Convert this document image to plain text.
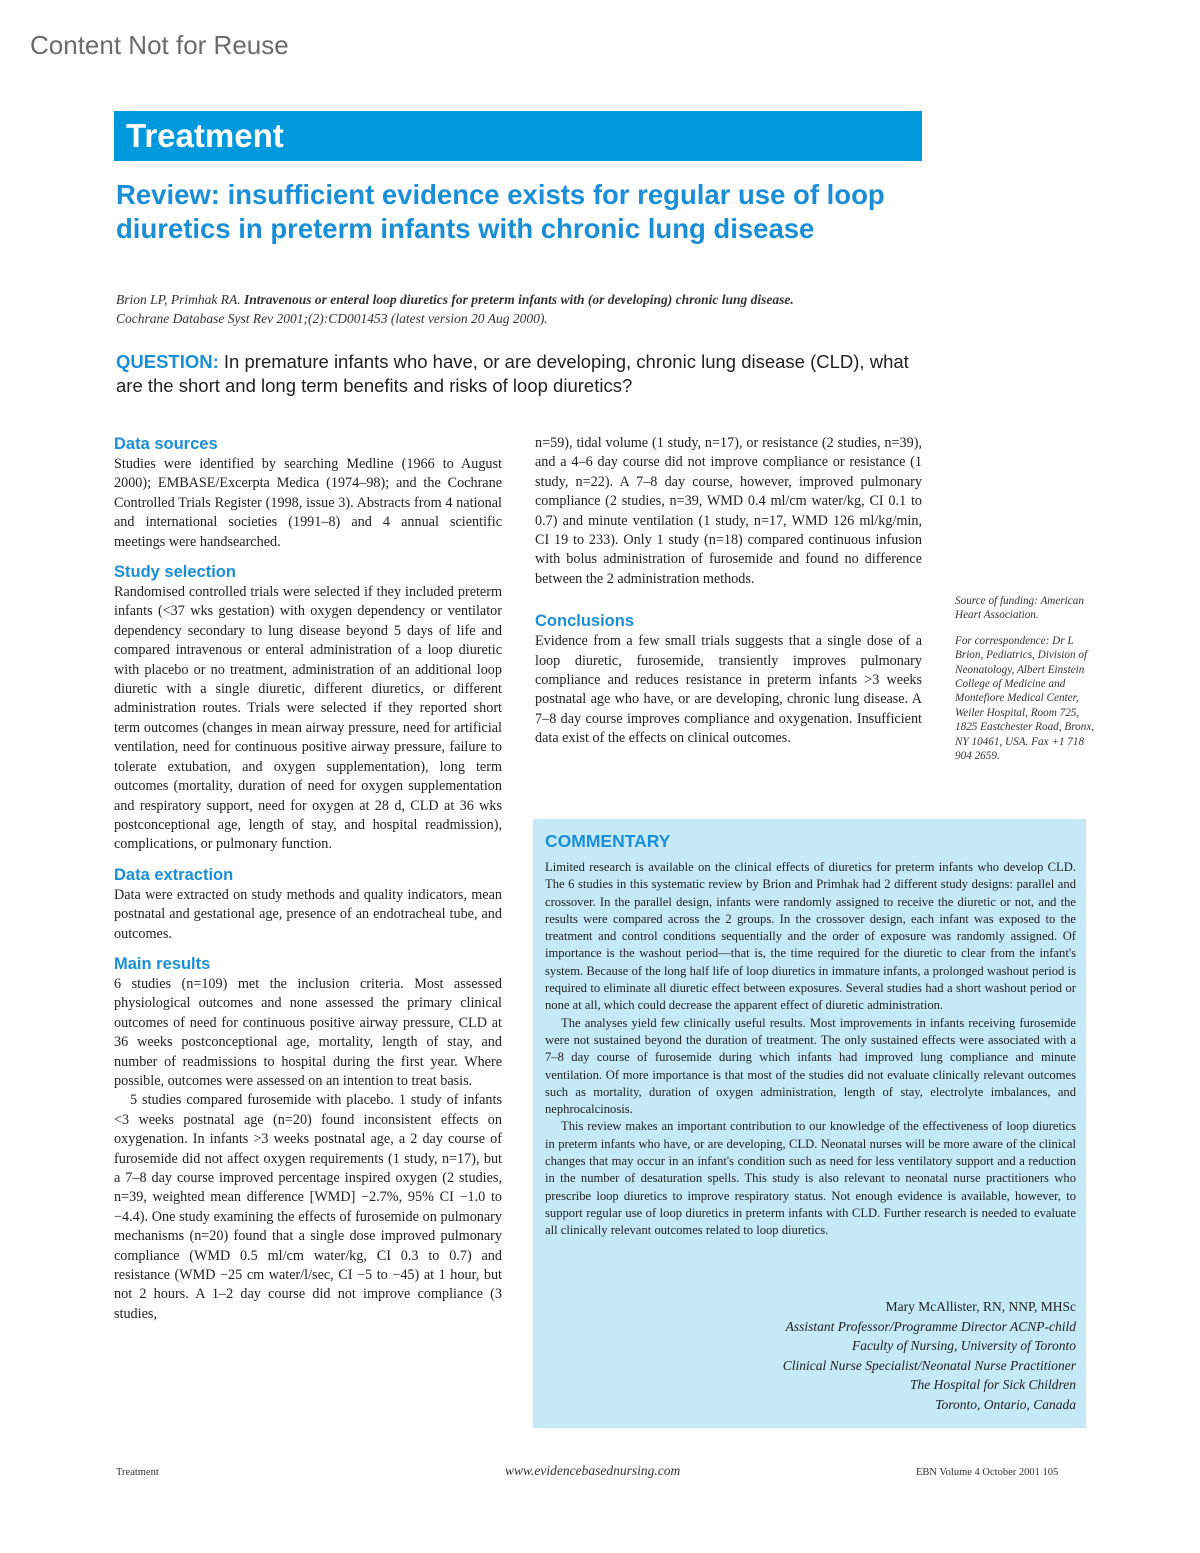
Content Not for Reuse
Treatment
Review: insufficient evidence exists for regular use of loop diuretics in preterm infants with chronic lung disease
Brion LP, Primhak RA. Intravenous or enteral loop diuretics for preterm infants with (or developing) chronic lung disease.
Cochrane Database Syst Rev 2001;(2):CD001453 (latest version 20 Aug 2000).
QUESTION: In premature infants who have, or are developing, chronic lung disease (CLD), what are the short and long term benefits and risks of loop diuretics?
Data sources

Studies were identified by searching Medline (1966 to August 2000); EMBASE/Excerpta Medica (1974–98); and the Cochrane Controlled Trials Register (1998, issue 3). Abstracts from 4 national and international societies (1991–8) and 4 annual scientific meetings were handsearched.

Study selection

Randomised controlled trials were selected if they included preterm infants (<37 wks gestation) with oxygen dependency or ventilator dependency secondary to lung disease beyond 5 days of life and compared intravenous or enteral administration of a loop diuretic with placebo or no treatment, administration of an additional loop diuretic with a single diuretic, different diuretics, or different administration routes. Trials were selected if they reported short term outcomes (changes in mean airway pressure, need for artificial ventilation, need for continuous positive airway pressure, failure to tolerate extubation, and oxygen supplementation), long term outcomes (mortality, duration of need for oxygen supplementation and respiratory support, need for oxygen at 28 d, CLD at 36 wks postconceptional age, length of stay, and hospital readmission), complications, or pulmonary function.

Data extraction

Data were extracted on study methods and quality indicators, mean postnatal and gestational age, presence of an endotracheal tube, and outcomes.

Main results

6 studies (n=109) met the inclusion criteria. Most assessed physiological outcomes and none assessed the primary clinical outcomes of need for continuous positive airway pressure, CLD at 36 weeks postconceptional age, mortality, length of stay, and number of readmissions to hospital during the first year. Where possible, outcomes were assessed on an intention to treat basis.

5 studies compared furosemide with placebo. 1 study of infants <3 weeks postnatal age (n=20) found inconsistent effects on oxygenation. In infants >3 weeks postnatal age, a 2 day course of furosemide did not affect oxygen requirements (1 study, n=17), but a 7–8 day course improved percentage inspired oxygen (2 studies, n=39, weighted mean difference [WMD] −2.7%, 95% CI −1.0 to −4.4). One study examining the effects of furosemide on pulmonary mechanisms (n=20) found that a single dose improved pulmonary compliance (WMD 0.5 ml/cm water/kg, CI 0.3 to 0.7) and resistance (WMD −25 cm water/l/sec, CI −5 to −45) at 1 hour, but not 2 hours. A 1–2 day course did not improve compliance (3 studies,

n=59), tidal volume (1 study, n=17), or resistance (2 studies, n=39), and a 4–6 day course did not improve compliance or resistance (1 study, n=22). A 7–8 day course, however, improved pulmonary compliance (2 studies, n=39, WMD 0.4 ml/cm water/kg, CI 0.1 to 0.7) and minute ventilation (1 study, n=17, WMD 126 ml/kg/min, CI 19 to 233). Only 1 study (n=18) compared continuous infusion with bolus administration of furosemide and found no difference between the 2 administration methods.

Conclusions

Evidence from a few small trials suggests that a single dose of a loop diuretic, furosemide, transiently improves pulmonary compliance and reduces resistance in preterm infants >3 weeks postnatal age who have, or are developing, chronic lung disease. A 7–8 day course improves compliance and oxygenation. Insufficient data exist of the effects on clinical outcomes.

Source of funding: American Heart Association.

For correspondence: Dr L Brion, Pediatrics, Division of Neonatology, Albert Einstein College of Medicine and Montefiore Medical Center, Weiler Hospital, Room 725, 1825 Eastchester Road, Bronx, NY 10461, USA. Fax +1 718 904 2659.

COMMENTARY

Limited research is available on the clinical effects of diuretics for preterm infants who develop CLD. The 6 studies in this systematic review by Brion and Primhak had 2 different study designs: parallel and crossover. In the parallel design, infants were randomly assigned to receive the diuretic or not, and the results were compared across the 2 groups. In the crossover design, each infant was exposed to the treatment and control conditions sequentially and the order of exposure was randomly assigned. Of importance is the washout period—that is, the time required for the diuretic to clear from the infant's system. Because of the long half life of loop diuretics in immature infants, a prolonged washout period is required to eliminate all diuretic effect between exposures. Several studies had a short washout period or none at all, which could decrease the apparent effect of diuretic administration.

The analyses yield few clinically useful results. Most improvements in infants receiving furosemide were not sustained beyond the duration of treatment. The only sustained effects were associated with a 7–8 day course of furosemide during which infants had improved lung compliance and minute ventilation. Of more importance is that most of the studies did not evaluate clinically relevant outcomes such as mortality, duration of oxygen administration, length of stay, electrolyte imbalances, and nephrocalcinosis.

This review makes an important contribution to our knowledge of the effectiveness of loop diuretics in preterm infants who have, or are developing, CLD. Neonatal nurses will be more aware of the clinical changes that may occur in an infant's condition such as need for less ventilatory support and a reduction in the number of desaturation spells. This study is also relevant to neonatal nurse practitioners who prescribe loop diuretics to improve respiratory status. Not enough evidence is available, however, to support regular use of loop diuretics in preterm infants with CLD. Further research is needed to evaluate all clinically relevant outcomes related to loop diuretics.

Mary McAllister, RN, NNP, MHSc
Assistant Professor/Programme Director ACNP-child
Faculty of Nursing, University of Toronto
Clinical Nurse Specialist/Neonatal Nurse Practitioner
The Hospital for Sick Children
Toronto, Ontario, Canada
Treatment	www.evidencebasednursing.com	EBN Volume 4 October 2001 105
